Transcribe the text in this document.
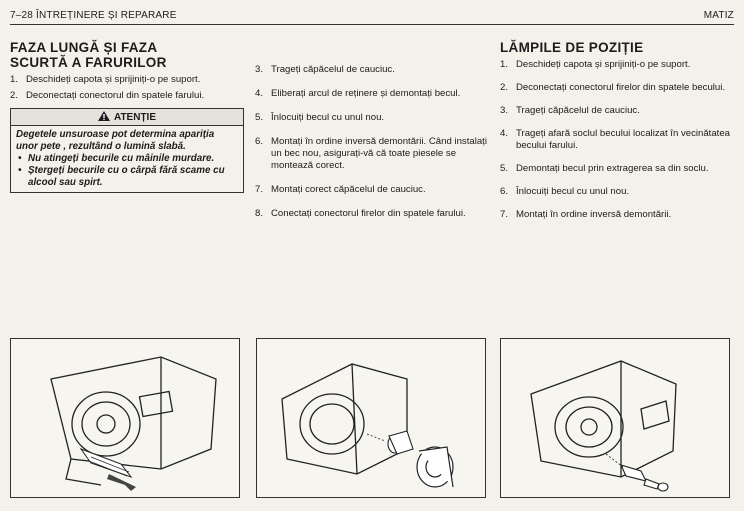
7–28 ÎNTREȚINERE ȘI REPARARE	MATIZ
FAZA LUNGĂ ȘI FAZA
SCURTĂ A FARURILOR
1. Deschideți capota și sprijiniți-o pe suport.
2. Deconectați conectorul din spatele farului.
ATENȚIE
Degetele unsuroase pot determina apariția unor pete , rezultând o lumină slabă.
• Nu atingeți becurile cu mâinile murdare.
• Ștergeți becurile cu o cârpă fără scame cu alcool sau spirt.
3. Trageți căpăcelul de cauciuc.
4. Eliberați arcul de reținere și demontați becul.
5. Înlocuiți becul cu unul nou.
6. Montați în ordine inversă demontării. Când instalați un bec nou, asigurați-vă că toate piesele se montează corect.
7. Montați corect căpăcelul de cauciuc.
8. Conectați conectorul firelor din spatele farului.
LĂMPILE DE POZIȚIE
1. Deschideți capota și sprijiniți-o pe suport.
2. Deconectați conectorul firelor din spatele becului.
3. Trageți căpăcelul de cauciuc.
4. Trageți afară soclul becului localizat în vecinătatea becului farului.
5. Demontați becul prin extragerea sa din soclu.
6. Înlocuiți becul cu unul nou.
7. Montați în ordine inversă demontării.
